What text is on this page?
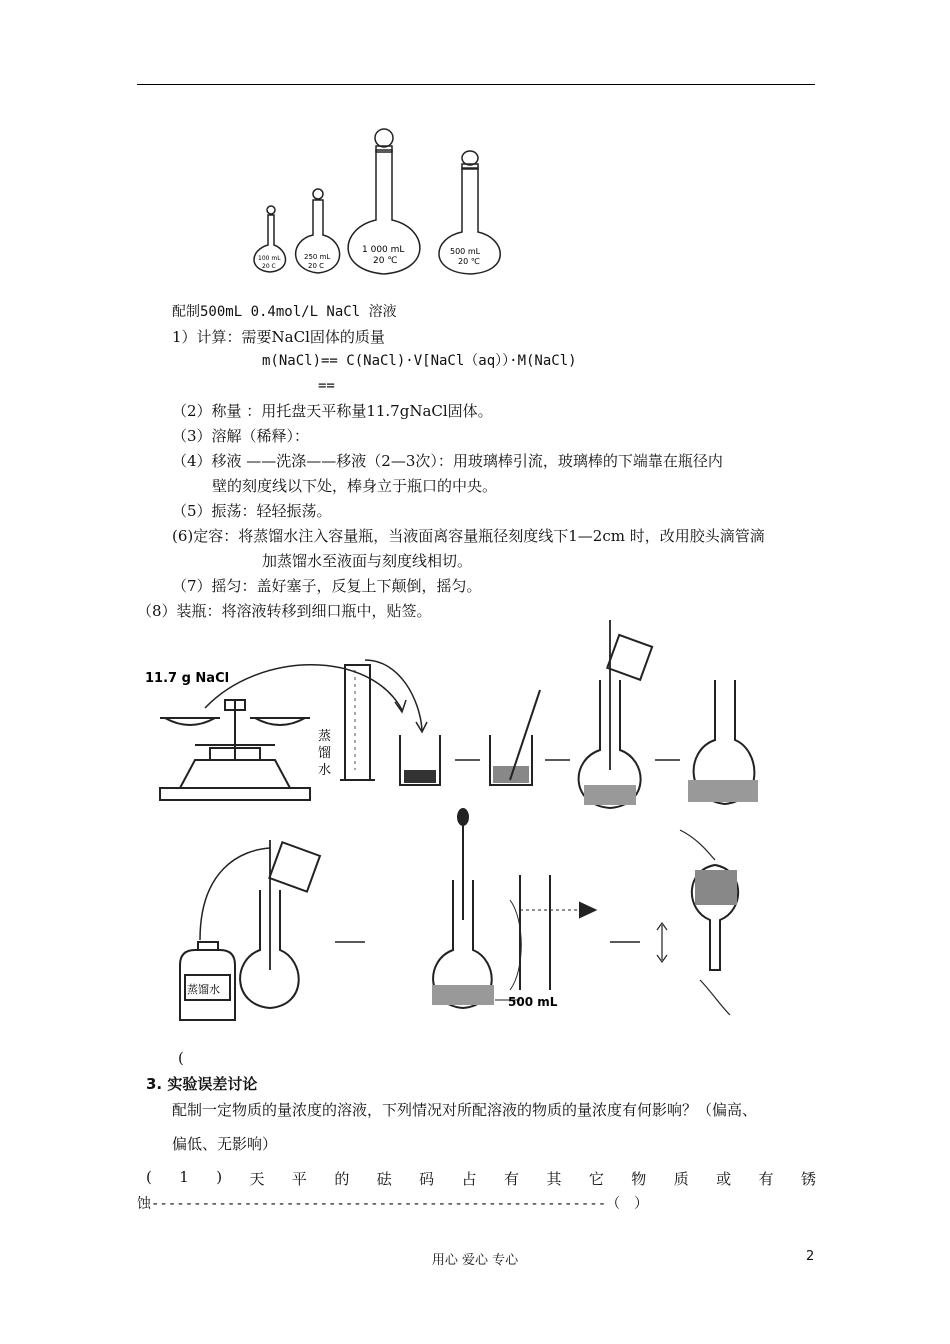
100 mL
20 C
250 mL
20 C
1 000 mL
20 ℃
500 mL
20 ℃
配制500mL 0.4mol/L NaCl 溶液
1）计算：需要NaCl固体的质量
m(NaCl)== C(NaCl)·V[NaCl（aq））·M(NaCl)
==
（2）称量 ：用托盘天平称量11.7gNaCl固体。
（3）溶解（稀释）：
（4）移液 ——洗涤——移液（2—3次）：用玻璃棒引流，玻璃棒的下端靠在瓶径内
壁的刻度线以下处，棒身立于瓶口的中央。
（5）振荡：轻轻振荡。
(6)定容：将蒸馏水注入容量瓶，当液面离容量瓶径刻度线下1—2cm 时，改用胶头滴管滴
加蒸馏水至液面与刻度线相切。
（7）摇匀：盖好塞子，反复上下颠倒，摇匀。
（8）装瓶：将溶液转移到细口瓶中，贴签。
11.7 g NaCl
蒸
馏
水
蒸馏水
500 mL
(
3. 实验误差讨论
配制一定物质的量浓度的溶液，下列情况对所配溶液的物质的量浓度有何影响？（偏高、
偏低、无影响）
( 1 ) 天 平 的 砝 码 占 有 其 它 物 质 或 有 锈
蚀------------------------------------------------------（　）
用心 爱心 专心	2
